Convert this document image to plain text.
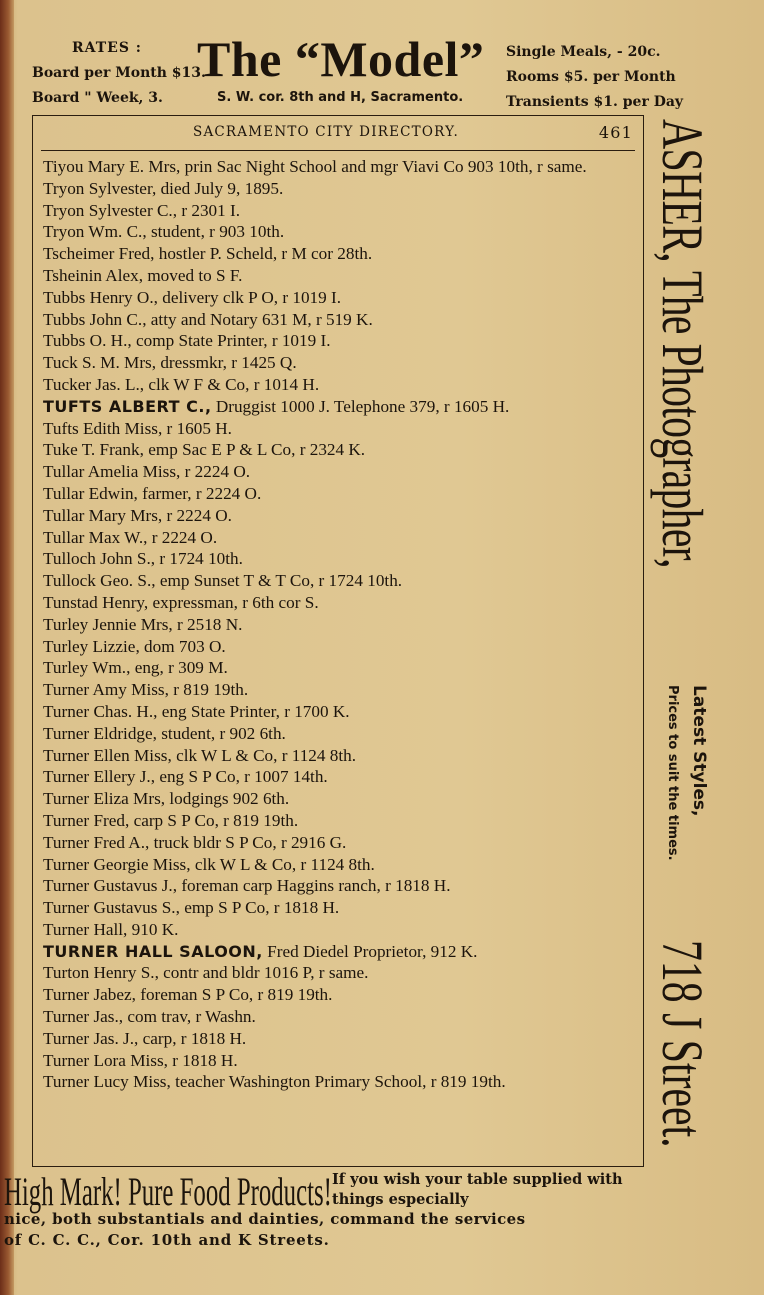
RATES :
Board per Month $13.
Board " Week, 3.
The “Model”
S. W. cor. 8th and H, Sacramento.
Single Meals, - 20c.
Rooms $5. per Month
Transients $1. per Day
SACRAMENTO CITY DIRECTORY.	461
Tiyou Mary E. Mrs, prin Sac Night School and mgr Viavi Co 903 10th, r same.
Tryon Sylvester, died July 9, 1895.
Tryon Sylvester C., r 2301 I.
Tryon Wm. C., student, r 903 10th.
Tscheimer Fred, hostler P. Scheld, r M cor 28th.
Tsheinin Alex, moved to S F.
Tubbs Henry O., delivery clk P O, r 1019 I.
Tubbs John C., atty and Notary 631 M, r 519 K.
Tubbs O. H., comp State Printer, r 1019 I.
Tuck S. M. Mrs, dressmkr, r 1425 Q.
Tucker Jas. L., clk W F & Co, r 1014 H.
TUFTS ALBERT C., Druggist 1000 J. Telephone 379, r 1605 H.
Tufts Edith Miss, r 1605 H.
Tuke T. Frank, emp Sac E P & L Co, r 2324 K.
Tullar Amelia Miss, r 2224 O.
Tullar Edwin, farmer, r 2224 O.
Tullar Mary Mrs, r 2224 O.
Tullar Max W., r 2224 O.
Tulloch John S., r 1724 10th.
Tullock Geo. S., emp Sunset T & T Co, r 1724 10th.
Tunstad Henry, expressman, r 6th cor S.
Turley Jennie Mrs, r 2518 N.
Turley Lizzie, dom 703 O.
Turley Wm., eng, r 309 M.
Turner Amy Miss, r 819 19th.
Turner Chas. H., eng State Printer, r 1700 K.
Turner Eldridge, student, r 902 6th.
Turner Ellen Miss, clk W L & Co, r 1124 8th.
Turner Ellery J., eng S P Co, r 1007 14th.
Turner Eliza Mrs, lodgings 902 6th.
Turner Fred, carp S P Co, r 819 19th.
Turner Fred A., truck bldr S P Co, r 2916 G.
Turner Georgie Miss, clk W L & Co, r 1124 8th.
Turner Gustavus J., foreman carp Haggins ranch, r 1818 H.
Turner Gustavus S., emp S P Co, r 1818 H.
Turner Hall, 910 K.
TURNER HALL SALOON, Fred Diedel Proprietor, 912 K.
Turton Henry S., contr and bldr 1016 P, r same.
Turner Jabez, foreman S P Co, r 819 19th.
Turner Jas., com trav, r Washn.
Turner Jas. J., carp, r 1818 H.
Turner Lora Miss, r 1818 H.
Turner Lucy Miss, teacher Washington Primary School, r 819 19th.
ASHER, The Photographer,
Latest Styles,
Prices to suit the times.
718 J Street.
High Mark! Pure Food Products! If you wish your table supplied with things especially
nice, both substantials and dainties, command the services
of C. C. C., Cor. 10th and K Streets.
